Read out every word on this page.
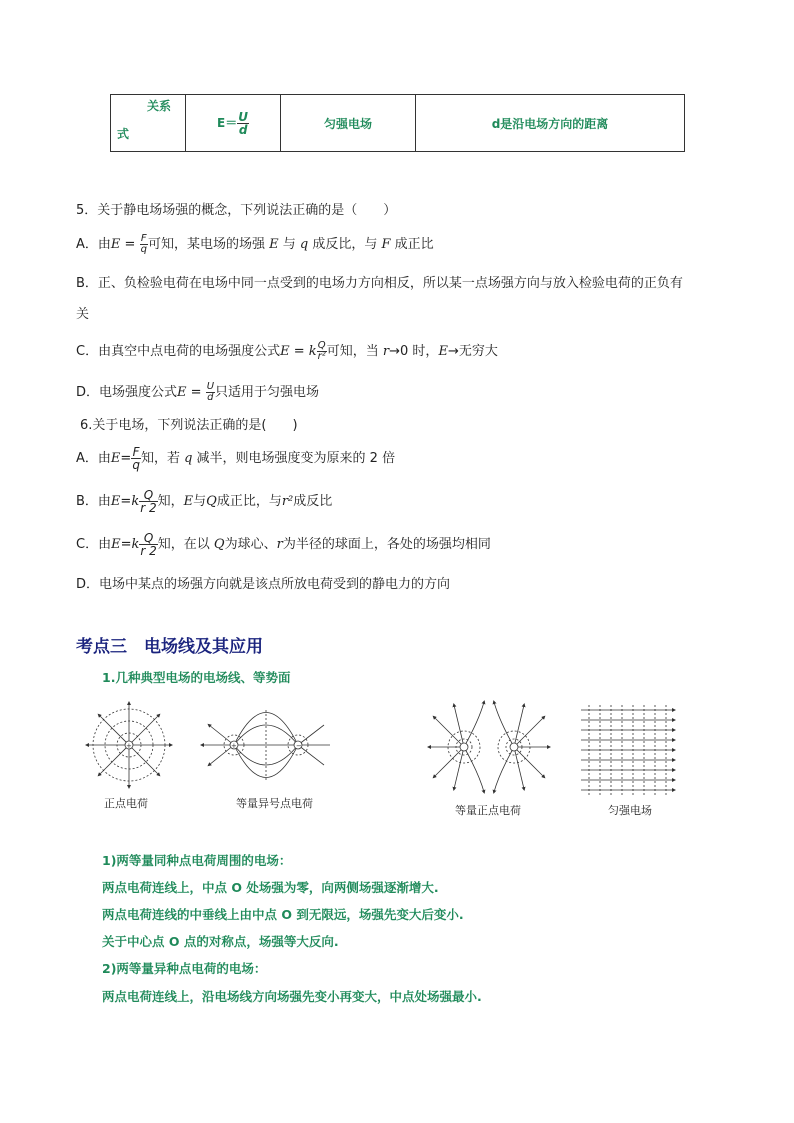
关系
式
	$E= \frac{U}{d}$	匀强电场	d是沿电场方向的距离
5．关于静电场场强的概念，下列说法正确的是（　　）
A．由$E = \frac{F}{q}$ 可知，某电场的场强 E 与 q 成反比，与 F 成正比
B．正、负检验电荷在电场中同一点受到的电场力方向相反，所以某一点场强方向与放入检验电荷的正负有
关
C．由真空中点电荷的电场强度公式E = k $\frac{Q}{\text{r²}}$ 可知，当 r→0 时，E→无穷大
D．电场强度公式$E = \frac{U}{d}$ 只适用于匀强电场
6.关于电场，下列说法正确的是(　　)
A．由$E= \frac{F}{q}$ 知，若 q 减半，则电场强度变为原来的 2 倍
B．由$E=k \frac{Q}{r 2}$ 知，E与Q成正比，与r²成反比
C．由$E=k \frac{Q}{r 2}$ 知，在以 Q为球心、r为半径的球面上，各处的场强均相同
D．电场中某点的场强方向就是该点所放电荷受到的静电力的方向
考点三　电场线及其应用
1.几种典型电场的电场线、等势面
+	+	−
正点电荷	等量异号点电荷
等量正点电荷	匀强电场
1)两等量同种点电荷周围的电场：
两点电荷连线上，中点 O 处场强为零，向两侧场强逐渐增大.
两点电荷连线的中垂线上由中点 O 到无限远，场强先变大后变小.
关于中心点 O 点的对称点，场强等大反向.
2)两等量异种点电荷的电场：
两点电荷连线上，沿电场线方向场强先变小再变大，中点处场强最小.
